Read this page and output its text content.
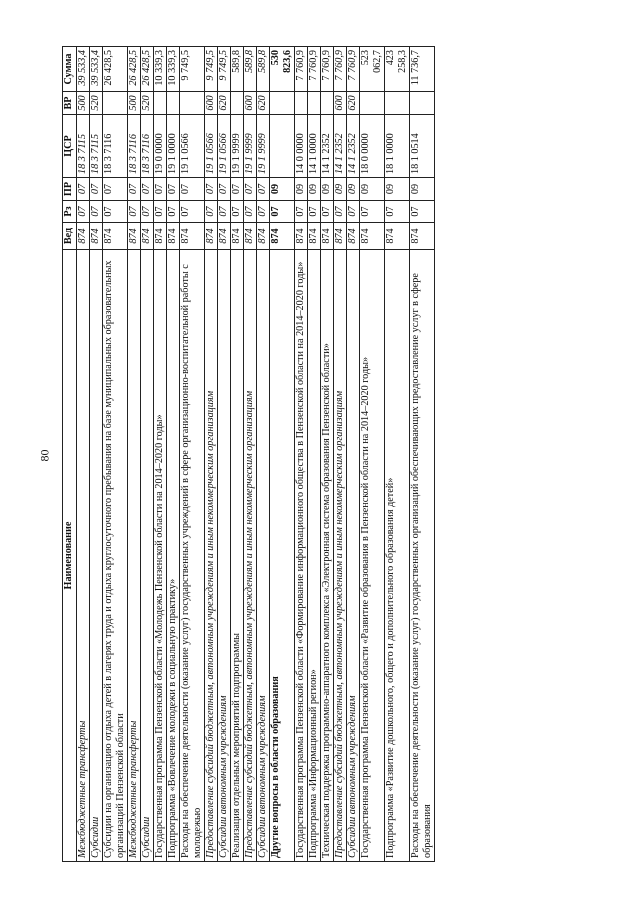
80
Наименование	Вед	Рз	ПР	ЦСР	ВР	Сумма
Межбюджетные трансферты	874	07	07	18 3 7115	500	39 533,4
Субсидии	874	07	07	18 3 7115	520	39 533,4
Субсидии на организацию отдыха детей в лагерях труда и отдыха круглосуточного пребывания на базе муниципальных образовательных организаций Пензенской области	874	07	07	18 3 7116		26 428,5
Межбюджетные трансферты	874	07	07	18 3 7116	500	26 428,5
Субсидии	874	07	07	18 3 7116	520	26 428,5
Государственная программа Пензенской области «Молодежь Пензенской области на 2014–2020 годы»	874	07	07	19 0 0000		10 339,3
Подпрограмма «Вовлечение молодежи в социальную практику»	874	07	07	19 1 0000		10 339,3
Расходы на обеспечение деятельности (оказание услуг) государственных учреждений в сфере организационно-воспитательной работы с молодежью	874	07	07	19 1 0566		9 749,5
Предоставление субсидий бюджетным, автономным учреждениям и иным некоммерческим организациям	874	07	07	19 1 0566	600	9 749,5
Субсидии автономным учреждениям	874	07	07	19 1 0566	620	9 749,5
Реализация отдельных мероприятий подпрограммы	874	07	07	19 1 9999		589,8
Предоставление субсидий бюджетным, автономным учреждениям и иным некоммерческим организациям	874	07	07	19 1 9999	600	589,8
Субсидии автономным учреждениям	874	07	07	19 1 9999	620	589,8
Другие вопросы в области образования	874	07	09			530 823,6
Государственная программа Пензенской области «Формирование информационного общества в Пензенской области на 2014–2020 годы»	874	07	09	14 0 0000		7 760,9
Подпрограмма «Информационный регион»	874	07	09	14 1 0000		7 760,9
Техническая поддержка программно-аппаратного комплекса «Электронная система образования Пензенской области»	874	07	09	14 1 2352		7 760,9
Предоставление субсидий бюджетным, автономным учреждениям и иным некоммерческим организациям	874	07	09	14 1 2352	600	7 760,9
Субсидии автономным учреждениям	874	07	09	14 1 2352	620	7 760,9
Государственная программа Пензенской области «Развитие образования в Пензенской области на 2014–2020 годы»	874	07	09	18 0 0000		523 062,7
Подпрограмма «Развитие дошкольного, общего и дополнительного образования детей»	874	07	09	18 1 0000		423 258,3
Расходы на обеспечение деятельности (оказание услуг) государственных организаций обеспечивающих предоставление услуг в сфере образования	874	07	09	18 1 0514		11 736,7
